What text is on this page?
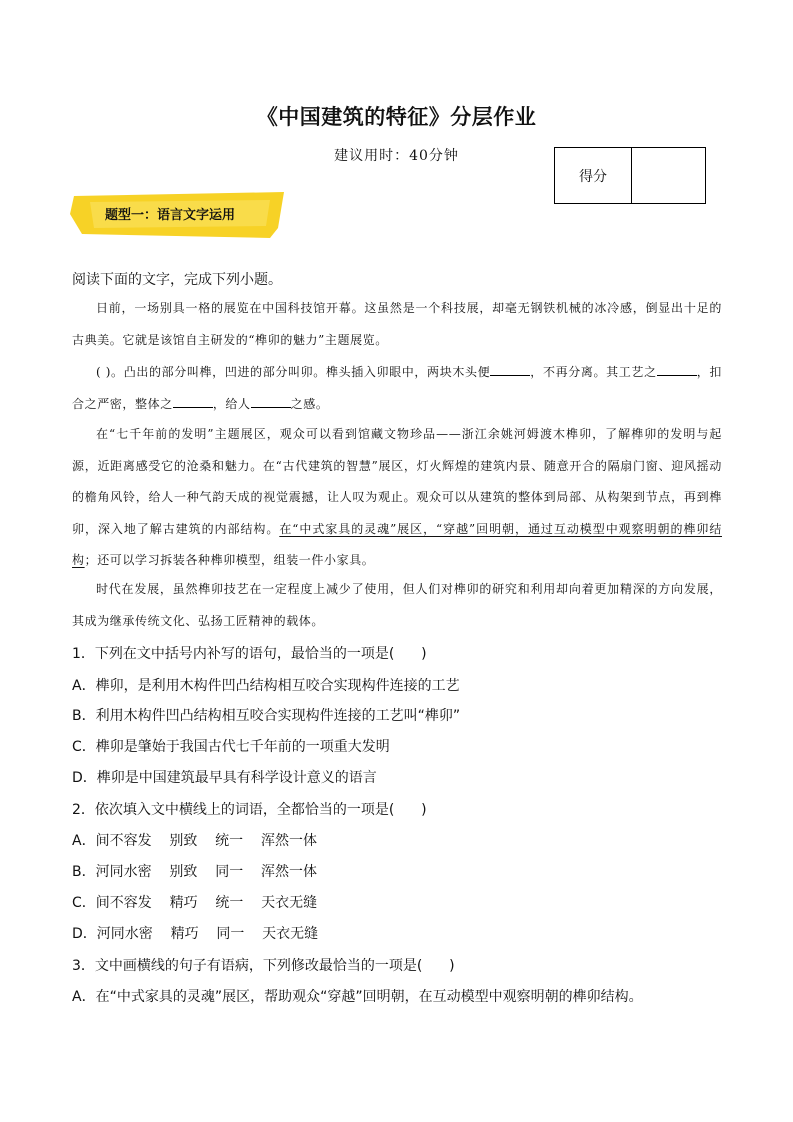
《中国建筑的特征》分层作业
建议用时：40分钟
得分
题型一：语言文字运用
阅读下面的文字，完成下列小题。

日前，一场别具一格的展览在中国科技馆开幕。这虽然是一个科技展，却毫无钢铁机械的冰冷感，倒显出十足的古典美。它就是该馆自主研发的“榫卯的魅力”主题展览。

( )。凸出的部分叫榫，凹进的部分叫卯。榫头插入卯眼中，两块木头便	，不再分离。其工艺之	，扣合之严密，整体之	，给人	之感。

在“七千年前的发明”主题展区，观众可以看到馆藏文物珍品——浙江余姚河姆渡木榫卯，了解榫卯的发明与起源，近距离感受它的沧桑和魅力。在“古代建筑的智慧”展区，灯火辉煌的建筑内景、随意开合的隔扇门窗、迎风摇动的檐角风铃，给人一种气韵天成的视觉震撼，让人叹为观止。观众可以从建筑的整体到局部、从构架到节点，再到榫卯，深入地了解古建筑的内部结构。在“中式家具的灵魂”展区，“穿越”回明朝，通过互动模型中观察明朝的榫卯结构；还可以学习拆装各种榫卯模型，组装一件小家具。

时代在发展，虽然榫卯技艺在一定程度上减少了使用，但人们对榫卯的研究和利用却向着更加精深的方向发展，其成为继承传统文化、弘扬工匠精神的载体。

1．下列在文中括号内补写的语句，最恰当的一项是(      )
A．榫卯，是利用木构件凹凸结构相互咬合实现构件连接的工艺
B．利用木构件凹凸结构相互咬合实现构件连接的工艺叫“榫卯”
C．榫卯是肇始于我国古代七千年前的一项重大发明
D．榫卯是中国建筑最早具有科学设计意义的语言
2．依次填入文中横线上的词语，全都恰当的一项是(      )
A．间不容发    别致    统一    浑然一体
B．河同水密    别致    同一    浑然一体
C．间不容发    精巧    统一    天衣无缝
D．河同水密    精巧    同一    天衣无缝
3．文中画横线的句子有语病，下列修改最恰当的一项是(      )
A．在“中式家具的灵魂”展区，帮助观众“穿越”回明朝，在互动模型中观察明朝的榫卯结构。
